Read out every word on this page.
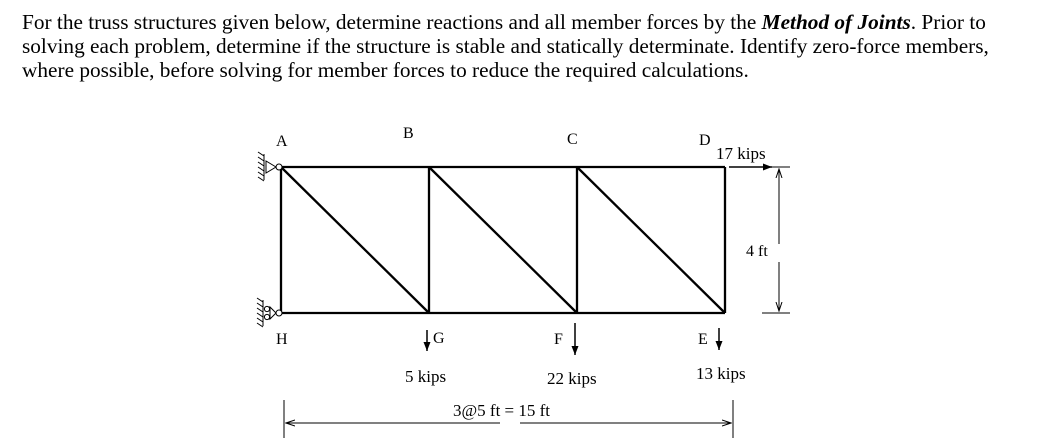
For the truss structures given below, determine reactions and all member forces by the Method of Joints. Prior to solving each problem, determine if the structure is stable and statically determinate. Identify zero-force members, where possible, before solving for member forces to reduce the required calculations.
A	B	C	D
H	G	F	E
17 kips
5 kips	22 kips	13 kips
4 ft
3@5 ft = 15 ft
